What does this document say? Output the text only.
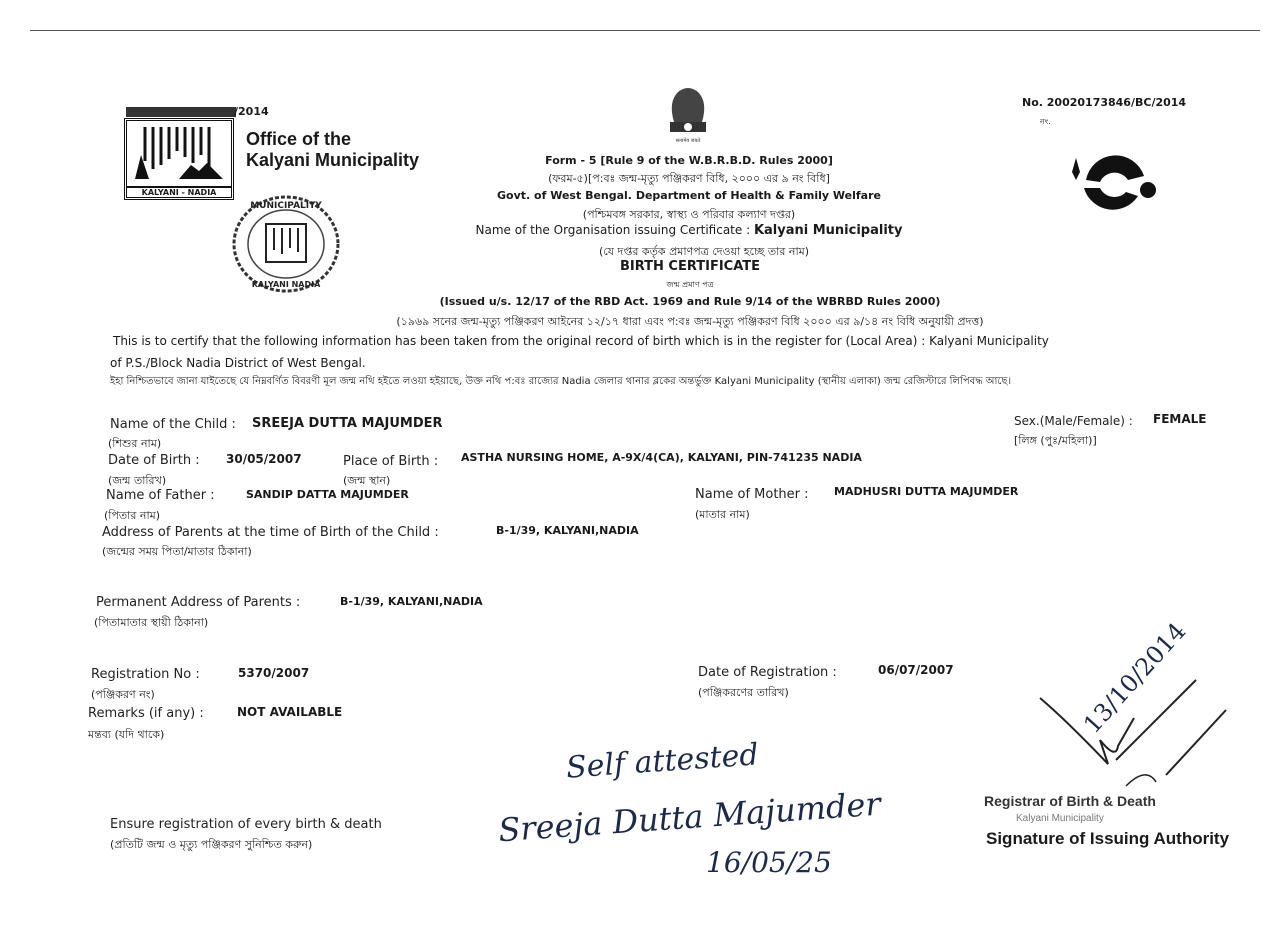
KALYANI - NADIA
/2014
Office of the
Kalyani Municipality
MUNICIPALITY
KALYANI NADIA
सत्यमेव जयते
No. 20020173846/BC/2014
নং.
Form - 5 [Rule 9 of the W.B.R.B.D. Rules 2000]
(ফরম-৫)[প:বঃ জন্ম-মৃত্যু পঞ্জিকরণ বিধি, ২০০০ এর ৯ নং বিধি]
Govt. of West Bengal. Department of Health & Family Welfare
(পশ্চিমবঙ্গ সরকার, স্বাস্থ্য ও পরিবার কল্যাণ দপ্তর)
Name of the Organisation issuing Certificate : Kalyani Municipality
(যে দপ্তর কর্তৃক প্রমাণপত্র দেওয়া হচ্ছে তার নাম)
BIRTH CERTIFICATE
জন্ম প্রমাণ পত্র
(Issued u/s. 12/17 of the RBD Act. 1969 and Rule 9/14 of the WBRBD Rules 2000)
(১৯৬৯ সনের জন্ম-মৃত্যু পঞ্জিকরণ আইনের ১২/১৭ ধারা এবং প:বঃ জন্ম-মৃত্যু পঞ্জিকরণ বিধি ২০০০ এর ৯/১৪ নং বিধি অনুযায়ী প্রদত্ত)
This is to certify that the following information has been taken from the original record of birth which is in the register for (Local Area) : Kalyani Municipality
of P.S./Block Nadia District of West Bengal.
ইহা নিশ্চিতভাবে জানা যাইতেছে যে নিম্নবর্ণিত বিবরণী মূল জন্ম নথি হইতে লওয়া হইয়াছে, উক্ত নথি প:বঃ রাজ্যের Nadia জেলার থানার ব্লকের অন্তর্ভুক্ত Kalyani Municipality (স্থানীয় এলাকা) জন্ম রেজিস্টারে লিপিবদ্ধ আছে।
Name of the Child :
(শিশুর নাম)
SREEJA DUTTA MAJUMDER	Sex.(Male/Female) :
[লিঙ্গ (পুঃ/মহিলা)]
FEMALE
Date of Birth :
(জন্ম তারিখ)
30/05/2007	Place of Birth :
(জন্ম স্থান)
ASTHA NURSING HOME, A-9X/4(CA), KALYANI, PIN-741235 NADIA
Name of Father :
(পিতার নাম)
SANDIP DATTA MAJUMDER	Name of Mother :
(মাতার নাম)
MADHUSRI DUTTA MAJUMDER
Address of Parents at the time of Birth of the Child :
(জন্মের সময় পিতা/মাতার ঠিকানা)
B-1/39, KALYANI,NADIA
Permanent Address of Parents :
(পিতামাতার স্থায়ী ঠিকানা)
B-1/39, KALYANI,NADIA
Registration No :
(পঞ্জিকরণ নং)
5370/2007	Date of Registration :
(পঞ্জিকরণের তারিখ)
06/07/2007
Remarks (if any) :
মন্তব্য (যদি থাকে)
NOT AVAILABLE
Ensure registration of every birth & death
(প্রতিটি জন্ম ও মৃত্যু পঞ্জিকরণ সুনিশ্চিত করুন)
Self attested
Sreeja Dutta Majumder
16/05/25
13/10/2014
Registrar of Birth & Death
Kalyani Municipality
Signature of Issuing Authority
